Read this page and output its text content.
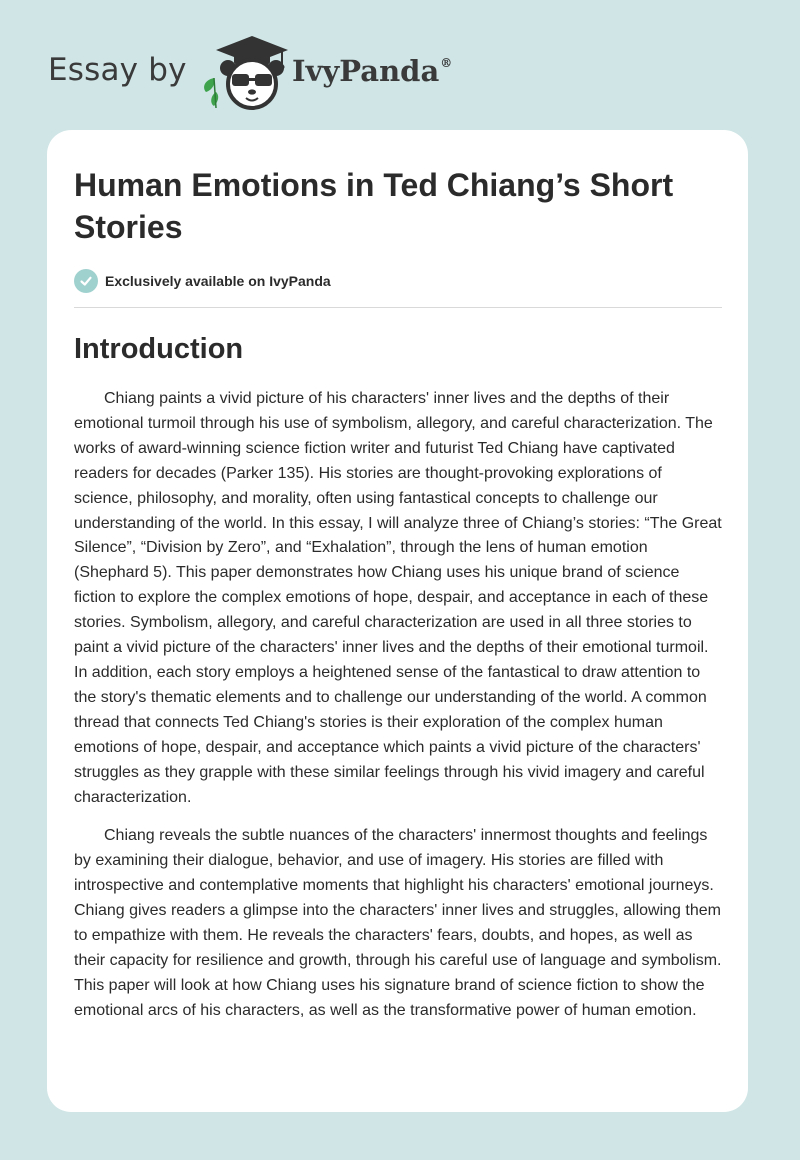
Essay by	IvyPanda®
Human Emotions in Ted Chiang’s Short Stories
Exclusively available on IvyPanda
Introduction

Chiang paints a vivid picture of his characters' inner lives and the depths of their emotional turmoil through his use of symbolism, allegory, and careful characterization. The works of award-winning science fiction writer and futurist Ted Chiang have captivated readers for decades (Parker 135). His stories are thought-provoking explorations of science, philosophy, and morality, often using fantastical concepts to challenge our understanding of the world. In this essay, I will analyze three of Chiang’s stories: “The Great Silence”, “Division by Zero”, and “Exhalation”, through the lens of human emotion (Shephard 5). This paper demonstrates how Chiang uses his unique brand of science fiction to explore the complex emotions of hope, despair, and acceptance in each of these stories. Symbolism, allegory, and careful characterization are used in all three stories to paint a vivid picture of the characters' inner lives and the depths of their emotional turmoil. In addition, each story employs a heightened sense of the fantastical to draw attention to the story's thematic elements and to challenge our understanding of the world. A common thread that connects Ted Chiang's stories is their exploration of the complex human emotions of hope, despair, and acceptance which paints a vivid picture of the characters' struggles as they grapple with these similar feelings through his vivid imagery and careful characterization.

Chiang reveals the subtle nuances of the characters' innermost thoughts and feelings by examining their dialogue, behavior, and use of imagery. His stories are filled with introspective and contemplative moments that highlight his characters' emotional journeys. Chiang gives readers a glimpse into the characters' inner lives and struggles, allowing them to empathize with them. He reveals the characters' fears, doubts, and hopes, as well as their capacity for resilience and growth, through his careful use of language and symbolism. This paper will look at how Chiang uses his signature brand of science fiction to show the emotional arcs of his characters, as well as the transformative power of human emotion.
